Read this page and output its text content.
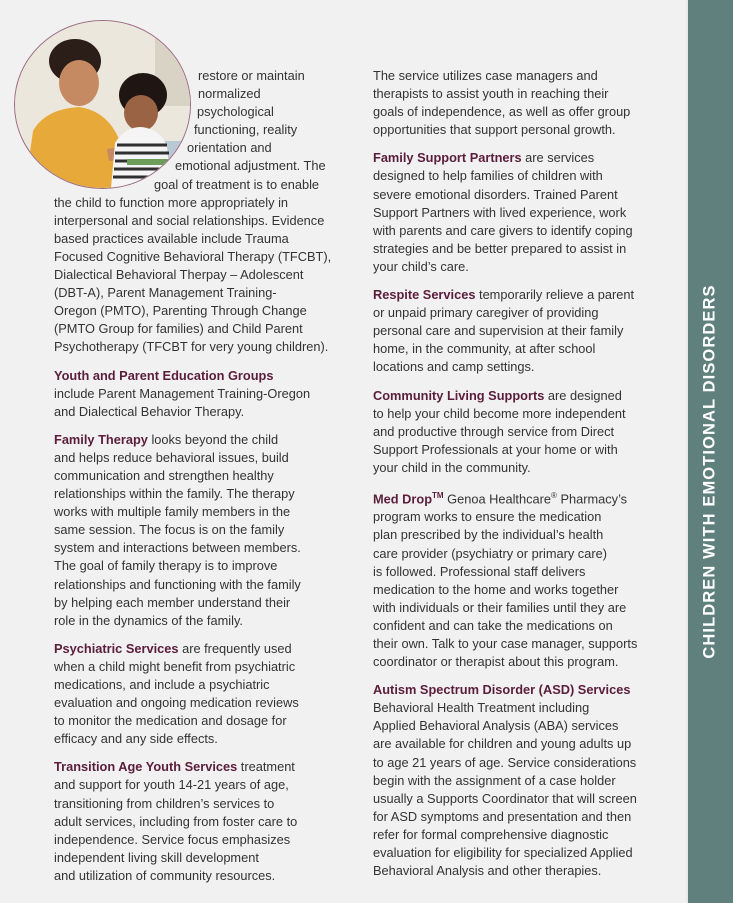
restore or maintain
normalized
psychological
functioning, reality
orientation and
emotional adjustment. The
goal of treatment is to enable
the child to function more appropriately in
interpersonal and social relationships. Evidence
based practices available include Trauma
Focused Cognitive Behavioral Therapy (TFCBT),
Dialectical Behavioral Therpay – Adolescent
(DBT-A), Parent Management Training-
Oregon (PMTO), Parenting Through Change
(PMTO Group for families) and Child Parent
Psychotherapy (TFCBT for very young children).

Youth and Parent Education Groups
include Parent Management Training-Oregon
and Dialectical Behavior Therapy.

Family Therapy looks beyond the child
and helps reduce behavioral issues, build
communication and strengthen healthy
relationships within the family. The therapy
works with multiple family members in the
same session. The focus is on the family
system and interactions between members.
The goal of family therapy is to improve
relationships and functioning with the family
by helping each member understand their
role in the dynamics of the family.

Psychiatric Services are frequently used
when a child might benefit from psychiatric
medications, and include a psychiatric
evaluation and ongoing medication reviews
to monitor the medication and dosage for
efficacy and any side effects.

Transition Age Youth Services treatment
and support for youth 14-21 years of age,
transitioning from children’s services to
adult services, including from foster care to
independence. Service focus emphasizes
independent living skill development
and utilization of community resources.

The service utilizes case managers and
therapists to assist youth in reaching their
goals of independence, as well as offer group
opportunities that support personal growth.

Family Support Partners are services
designed to help families of children with
severe emotional disorders. Trained Parent
Support Partners with lived experience, work
with parents and care givers to identify coping
strategies and be better prepared to assist in
your child’s care.

Respite Services temporarily relieve a parent
or unpaid primary caregiver of providing
personal care and supervision at their family
home, in the community, at after school
locations and camp settings.

Community Living Supports are designed
to help your child become more independent
and productive through service from Direct
Support Professionals at your home or with
your child in the community.

Med Drop™ Genoa Healthcare® Pharmacy’s
program works to ensure the medication
plan prescribed by the individual’s health
care provider (psychiatry or primary care)
is followed. Professional staff delivers
medication to the home and works together
with individuals or their families until they are
confident and can take the medications on
their own. Talk to your case manager, supports
coordinator or therapist about this program.

Autism Spectrum Disorder (ASD) Services
Behavioral Health Treatment including
Applied Behavioral Analysis (ABA) services
are available for children and young adults up
to age 21 years of age. Service considerations
begin with the assignment of a case holder
usually a Supports Coordinator that will screen
for ASD symptoms and presentation and then
refer for formal comprehensive diagnostic
evaluation for eligibility for specialized Applied
Behavioral Analysis and other therapies.

CHILDREN WITH EMOTIONAL DISORDERS
